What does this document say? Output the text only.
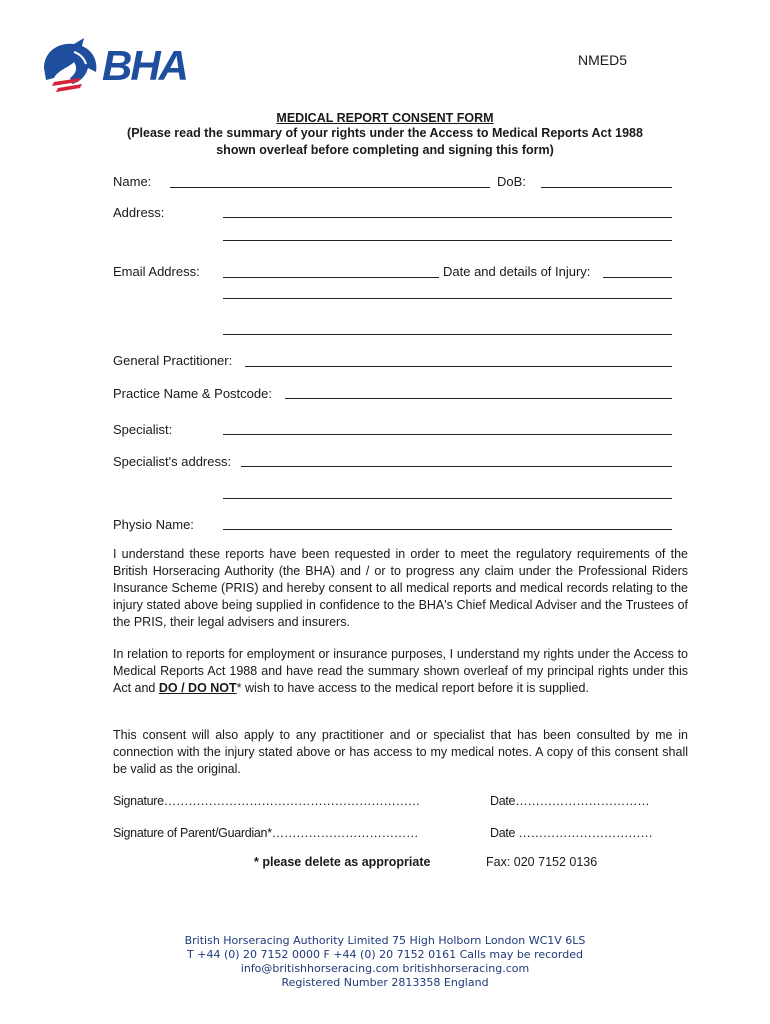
BHA	NMED5
MEDICAL REPORT CONSENT FORM
(Please read the summary of your rights under the Access to Medical Reports Act 1988
shown overleaf before completing and signing this form)
Name:	DoB:
Address:
Email Address:	Date and details of Injury:
General Practitioner:
Practice Name & Postcode:
Specialist:
Specialist's address:
Physio Name:
I understand these reports have been requested in order to meet the regulatory requirements of the British Horseracing Authority (the BHA) and / or to progress any claim under the Professional Riders Insurance Scheme (PRIS) and hereby consent to all medical reports and medical records relating to the injury stated above being supplied in confidence to the BHA's Chief Medical Adviser and the Trustees of the PRIS, their legal advisers and insurers.
In relation to reports for employment or insurance purposes, I understand my rights under the Access to Medical Reports Act 1988 and have read the summary shown overleaf of my principal rights under this Act and DO / DO NOT* wish to have access to the medical report before it is supplied.
This consent will also apply to any practitioner and or specialist that has been consulted by me in connection with the injury stated above or has access to my medical notes. A copy of this consent shall be valid as the original.
Signature………………………………………………………	Date……………………………
Signature of Parent/Guardian*………………………………	Date ……………………………
* please delete as appropriate	Fax: 020 7152 0136
British Horseracing Authority Limited 75 High Holborn London WC1V 6LS
T +44 (0) 20 7152 0000 F +44 (0) 20 7152 0161 Calls may be recorded
info@britishhorseracing.com britishhorseracing.com
Registered Number 2813358 England
